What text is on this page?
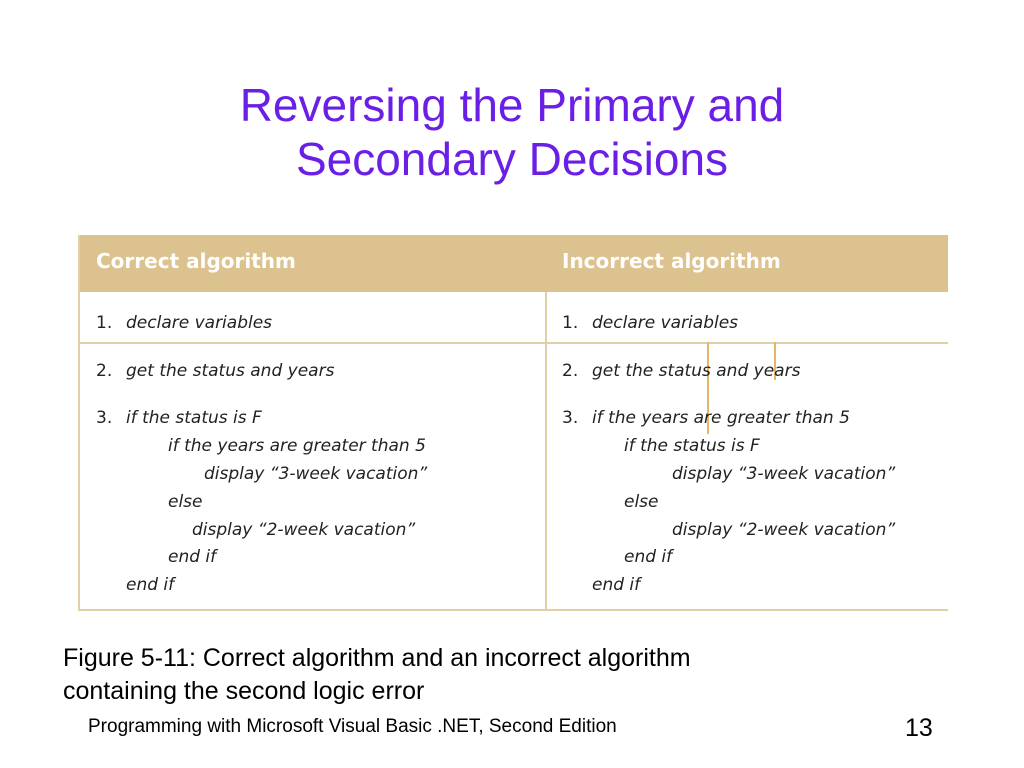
Reversing the Primary and
Secondary Decisions
Correct algorithm	Incorrect algorithm
1. declare variables
2. get the status and years
3. if the status is F
if the years are greater than 5
display “3-week vacation”
else
display “2-week vacation”
end if
end if
1. declare variables
2. get the status and years
3. if the years are greater than 5
if the status is F
display “3-week vacation”
else
display “2-week vacation”
end if
end if
Figure 5-11: Correct algorithm and an incorrect algorithm
containing the second logic error
Programming with Microsoft Visual Basic .NET, Second Edition	13
